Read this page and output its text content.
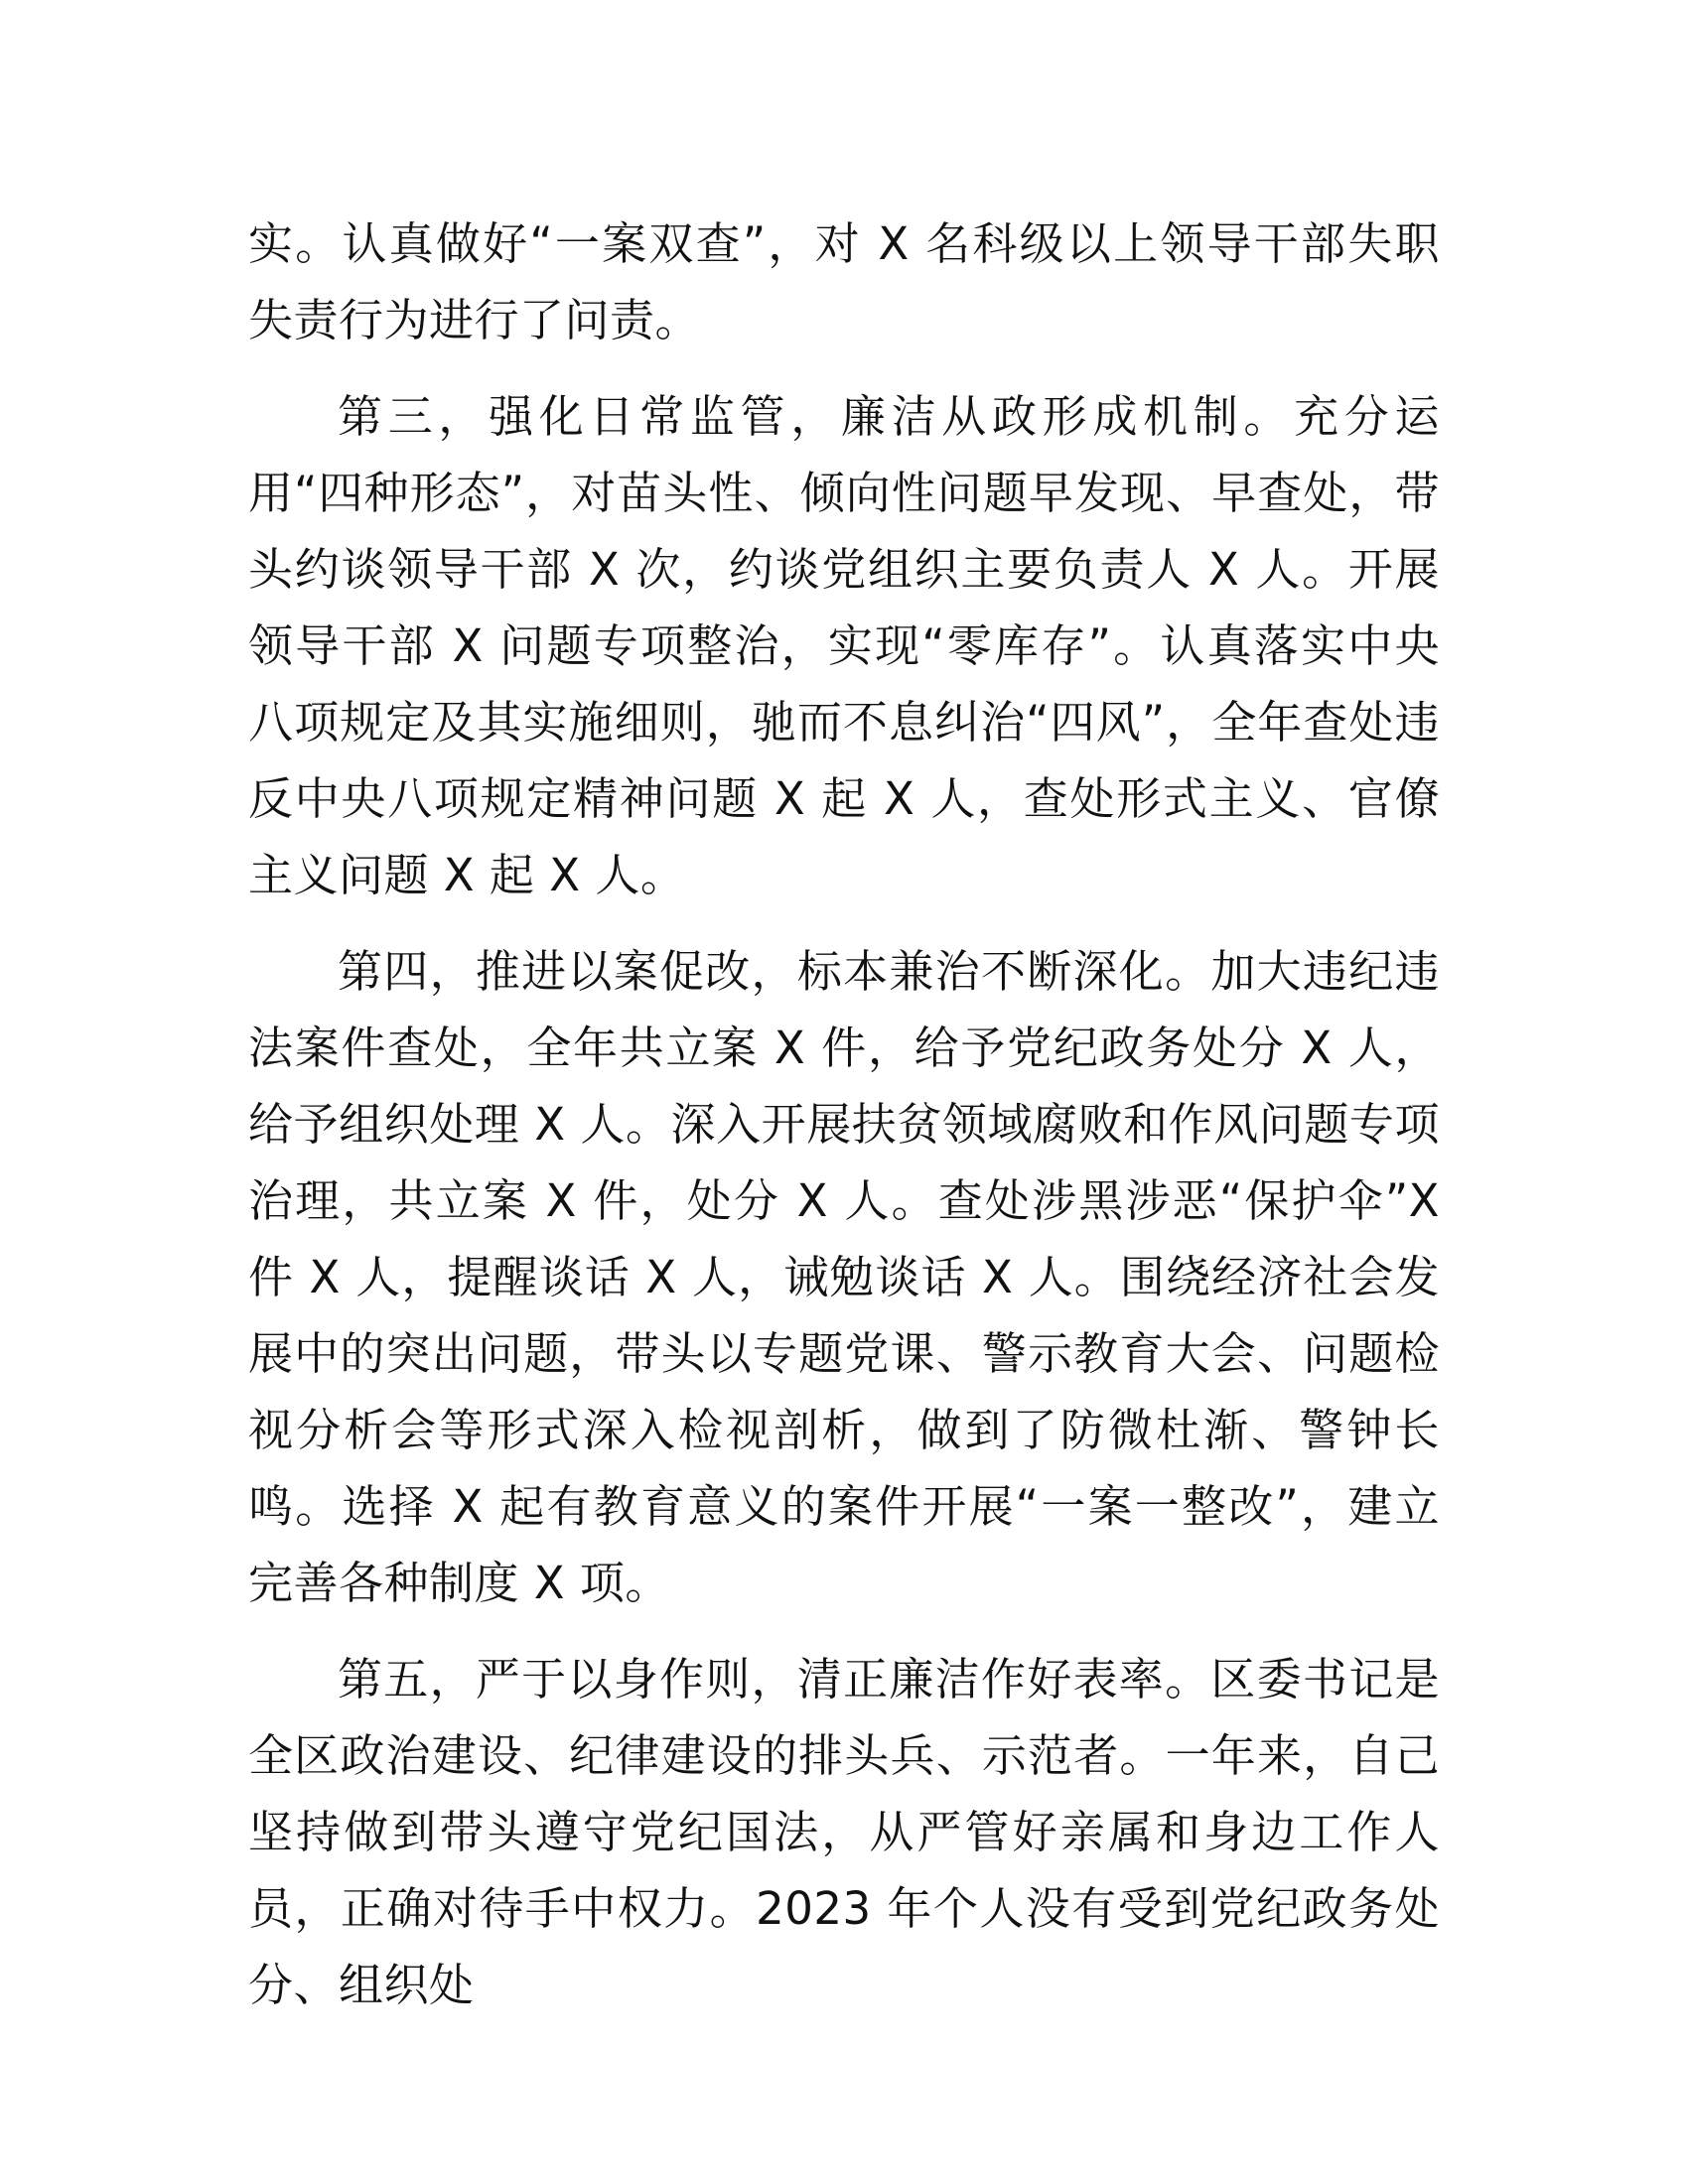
实。认真做好“一案双查”，对 X 名科级以上领导干部失职失责行为进行了问责。

第三，强化日常监管，廉洁从政形成机制。充分运用“四种形态”，对苗头性、倾向性问题早发现、早查处，带头约谈领导干部 X 次，约谈党组织主要负责人 X 人。开展领导干部 X 问题专项整治，实现“零库存”。认真落实中央八项规定及其实施细则，驰而不息纠治“四风”，全年查处违反中央八项规定精神问题 X 起 X 人，查处形式主义、官僚主义问题 X 起 X 人。

第四，推进以案促改，标本兼治不断深化。加大违纪违法案件查处，全年共立案 X 件，给予党纪政务处分 X 人，给予组织处理 X 人。深入开展扶贫领域腐败和作风问题专项治理，共立案 X 件，处分 X 人。查处涉黑涉恶“保护伞”X 件 X 人，提醒谈话 X 人，诫勉谈话 X 人。围绕经济社会发展中的突出问题，带头以专题党课、警示教育大会、问题检视分析会等形式深入检视剖析，做到了防微杜渐、警钟长鸣。选择 X 起有教育意义的案件开展“一案一整改”，建立完善各种制度 X 项。

第五，严于以身作则，清正廉洁作好表率。区委书记是全区政治建设、纪律建设的排头兵、示范者。一年来，自己坚持做到带头遵守党纪国法，从严管好亲属和身边工作人员，正确对待手中权力。2023 年个人没有受到党纪政务处分、组织处
